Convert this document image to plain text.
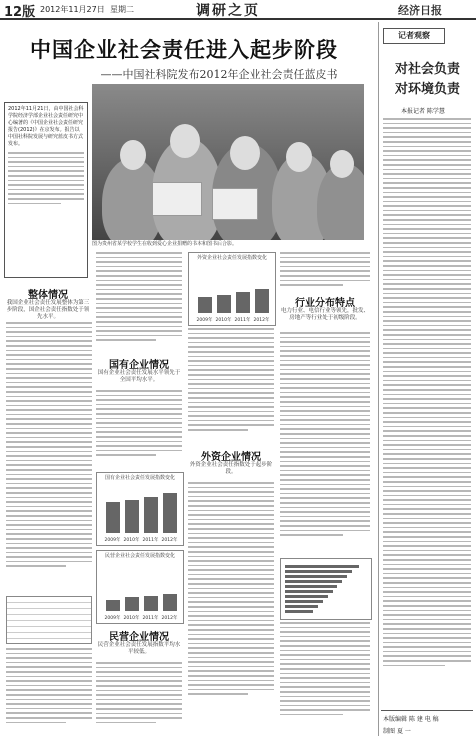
12版 2012年11月27日 星期二	调研之页	经济日报
中国企业社会责任进入起步阶段
——中国社科院发布2012年企业社会责任蓝皮书
2012年11月21日，由中国社会科学院经济学部企业社会责任研究中心编著的《中国企业社会责任研究报告(2012)》在京发布。报告以中国社科院发展与研究蓝皮书方式发布。
图为贵州省某学校学生在收到爱心企业捐赠的书本和图书后合影。
整体情况
我国企业社会责任发展整体为第三步阶段，国企社会责任指数处于领先水平。
国有企业情况
国有企业社会责任发展水平领先于全国平均水平。
国有企业社会责任发展指数变化
2009年 2010年 2011年 2012年
民营企业社会责任发展指数变化
2009年 2010年 2011年 2012年
民营企业情况
民营企业社会责任发展指数平均水平较低。
外资企业社会责任发展指数变化
2009年 2010年 2011年 2012年
外资企业情况
外资企业社会责任指数处于起步阶段。
行业分布特点
电力行业、电信行业等领先，批发、房地产等行业处于初级阶段。
记者观察
对社会负责
对环境负责
本报记者 陈学慧
本版编辑 陈 建 电 稿
制图 夏 一
